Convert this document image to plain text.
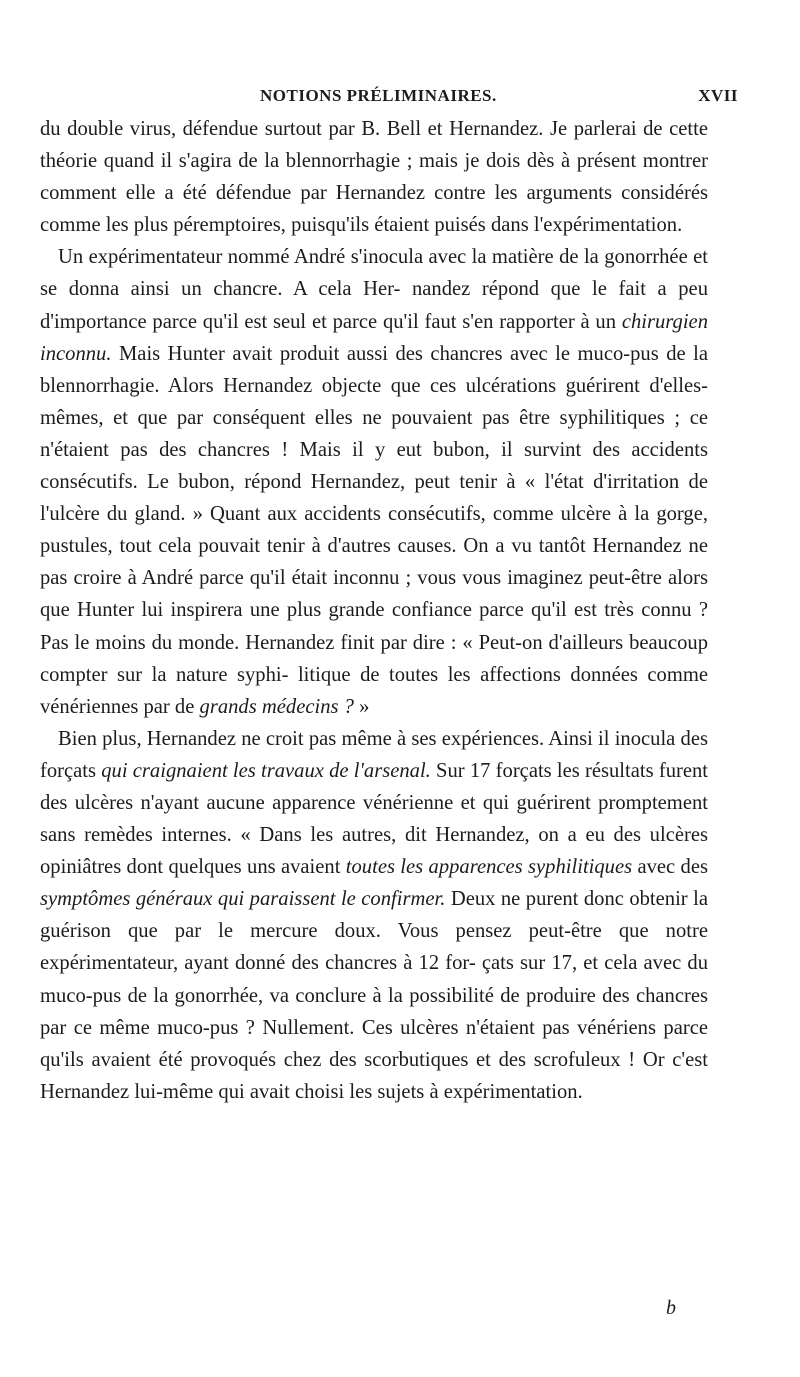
NOTIONS PRÉLIMINAIRES.	XVII

du double virus, défendue surtout par B. Bell et Hernandez. Je parlerai de cette théorie quand il s'agira de la blennorrhagie ; mais je dois dès à présent montrer comment elle a été défendue par Hernandez contre les arguments considérés comme les plus péremptoires, puisqu'ils étaient puisés dans l'expérimentation.

Un expérimentateur nommé André s'inocula avec la matière de la gonorrhée et se donna ainsi un chancre. A cela Her- nandez répond que le fait a peu d'importance parce qu'il est seul et parce qu'il faut s'en rapporter à un chirurgien inconnu. Mais Hunter avait produit aussi des chancres avec le muco-pus de la blennorrhagie. Alors Hernandez objecte que ces ulcérations guérirent d'elles-mêmes, et que par conséquent elles ne pouvaient pas être syphilitiques ; ce n'étaient pas des chancres ! Mais il y eut bubon, il survint des accidents consécutifs. Le bubon, répond Hernandez, peut tenir à « l'état d'irritation de l'ulcère du gland. » Quant aux accidents consécutifs, comme ulcère à la gorge, pustules, tout cela pouvait tenir à d'autres causes. On a vu tantôt Hernandez ne pas croire à André parce qu'il était inconnu ; vous vous imaginez peut-être alors que Hunter lui inspirera une plus grande confiance parce qu'il est très connu ? Pas le moins du monde. Hernandez finit par dire : « Peut-on d'ailleurs beaucoup compter sur la nature syphi- litique de toutes les affections données comme vénériennes par de grands médecins ? »

Bien plus, Hernandez ne croit pas même à ses expériences. Ainsi il inocula des forçats qui craignaient les travaux de l'arsenal. Sur 17 forçats les résultats furent des ulcères n'ayant aucune apparence vénérienne et qui guérirent promptement sans remèdes internes. « Dans les autres, dit Hernandez, on a eu des ulcères opiniâtres dont quelques uns avaient toutes les apparences syphilitiques avec des symptômes généraux qui paraissent le confirmer. Deux ne purent donc obtenir la guérison que par le mercure doux. Vous pensez peut-être que notre expérimentateur, ayant donné des chancres à 12 for- çats sur 17, et cela avec du muco-pus de la gonorrhée, va conclure à la possibilité de produire des chancres par ce même muco-pus ? Nullement. Ces ulcères n'étaient pas vénériens parce qu'ils avaient été provoqués chez des scorbutiques et des scrofuleux ! Or c'est Hernandez lui-même qui avait choisi les sujets à expérimentation.

b
